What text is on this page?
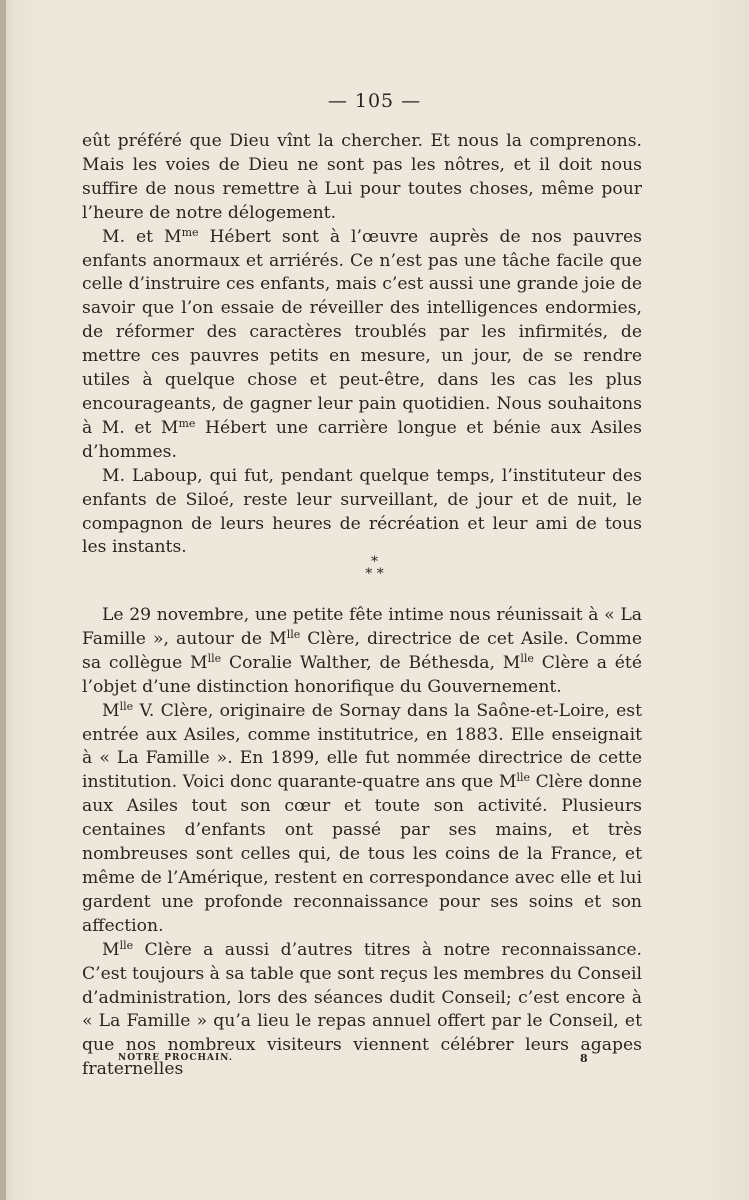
— 105 —

eût préféré que Dieu vînt la chercher. Et nous la comprenons. Mais les voies de Dieu ne sont pas les nôtres, et il doit nous suffire de nous remettre à Lui pour toutes choses, même pour l’heure de notre délogement.

M. et $M^{me}$ Hébert sont à l’œuvre auprès de nos pauvres enfants anormaux et arriérés. Ce n’est pas une tâche facile que celle d’instruire ces enfants, mais c’est aussi une grande joie de savoir que l’on essaie de réveiller des intelligences endormies, de réformer des caractères troublés par les infirmités, de mettre ces pauvres petits en mesure, un jour, de se rendre utiles à quelque chose et peut-être, dans les cas les plus encourageants, de gagner leur pain quotidien. Nous souhaitons à M. et $M^{me}$ Hébert une carrière longue et bénie aux Asiles d’hommes.

M. Laboup, qui fut, pendant quelque temps, l’instituteur des enfants de Siloé, reste leur surveillant, de jour et de nuit, le compagnon de leurs heures de récréation et leur ami de tous les instants.

*
* *

Le 29 novembre, une petite fête intime nous réunissait à « La Famille », autour de $M^{lle}$ Clère, directrice de cet Asile. Comme sa collègue $M^{lle}$ Coralie Walther, de Béthesda, $M^{lle}$ Clère a été l’objet d’une distinction honorifique du Gouvernement.

$M^{lle}$ V. Clère, originaire de Sornay dans la Saône-et-Loire, est entrée aux Asiles, comme institutrice, en 1883. Elle enseignait à « La Famille ». En 1899, elle fut nommée directrice de cette institution. Voici donc quarante-quatre ans que $M^{lle}$ Clère donne aux Asiles tout son cœur et toute son activité. Plusieurs centaines d’enfants ont passé par ses mains, et très nombreuses sont celles qui, de tous les coins de la France, et même de l’Amérique, restent en correspondance avec elle et lui gardent une profonde reconnaissance pour ses soins et son affection.

$M^{lle}$ Clère a aussi d’autres titres à notre reconnaissance. C’est toujours à sa table que sont reçus les membres du Conseil d’administration, lors des séances dudit Conseil; c’est encore à « La Famille » qu’a lieu le repas annuel offert par le Conseil, et que nos nombreux visiteurs viennent célébrer leurs agapes fraternelles

NOTRE PROCHAIN.	8
